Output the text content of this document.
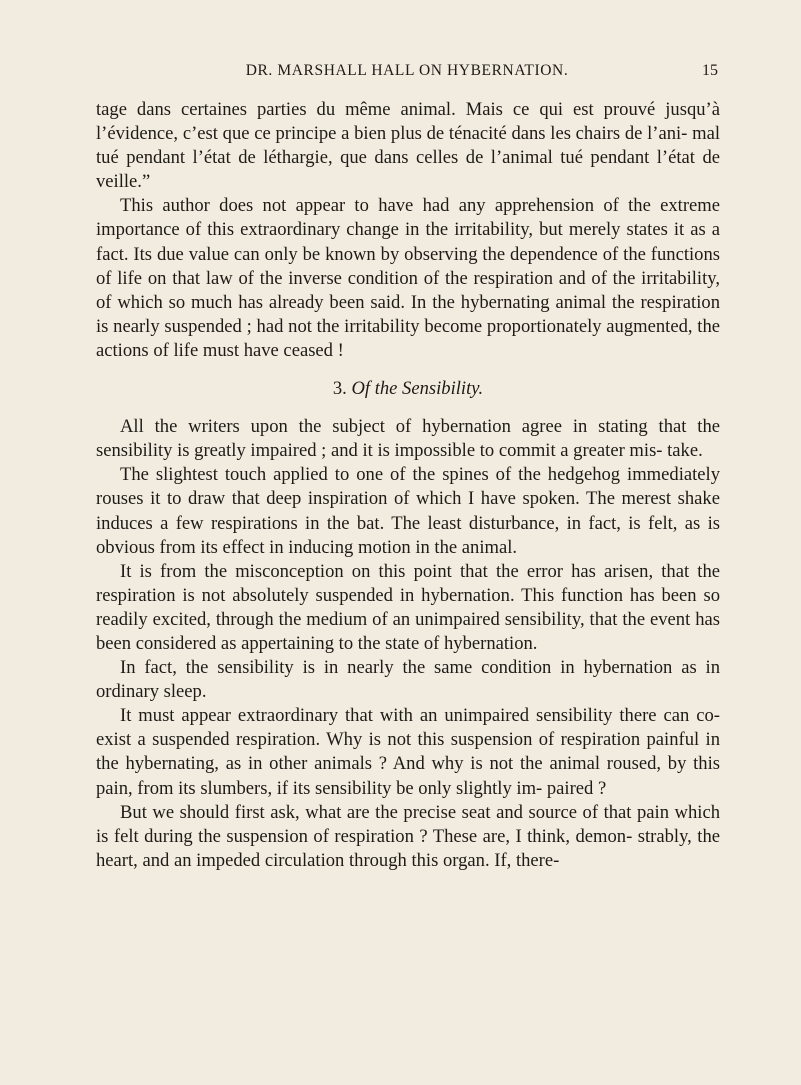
DR. MARSHALL HALL ON HYBERNATION.	15

tage dans certaines parties du même animal. Mais ce qui est prouvé jusqu’à l’évidence, c’est que ce principe a bien plus de ténacité dans les chairs de l’ani- mal tué pendant l’état de léthargie, que dans celles de l’animal tué pendant l’état de veille.”

This author does not appear to have had any apprehension of the extreme importance of this extraordinary change in the irritability, but merely states it as a fact. Its due value can only be known by observing the dependence of the functions of life on that law of the inverse condition of the respiration and of the irritability, of which so much has already been said. In the hybernating animal the respiration is nearly suspended ; had not the irritability become proportionately augmented, the actions of life must have ceased !

3. Of the Sensibility.

All the writers upon the subject of hybernation agree in stating that the sensibility is greatly impaired ; and it is impossible to commit a greater mis- take.

The slightest touch applied to one of the spines of the hedgehog immediately rouses it to draw that deep inspiration of which I have spoken. The merest shake induces a few respirations in the bat. The least disturbance, in fact, is felt, as is obvious from its effect in inducing motion in the animal.

It is from the misconception on this point that the error has arisen, that the respiration is not absolutely suspended in hybernation. This function has been so readily excited, through the medium of an unimpaired sensibility, that the event has been considered as appertaining to the state of hybernation.

In fact, the sensibility is in nearly the same condition in hybernation as in ordinary sleep.

It must appear extraordinary that with an unimpaired sensibility there can co-exist a suspended respiration. Why is not this suspension of respiration painful in the hybernating, as in other animals ? And why is not the animal roused, by this pain, from its slumbers, if its sensibility be only slightly im- paired ?

But we should first ask, what are the precise seat and source of that pain which is felt during the suspension of respiration ? These are, I think, demon- strably, the heart, and an impeded circulation through this organ. If, there-
